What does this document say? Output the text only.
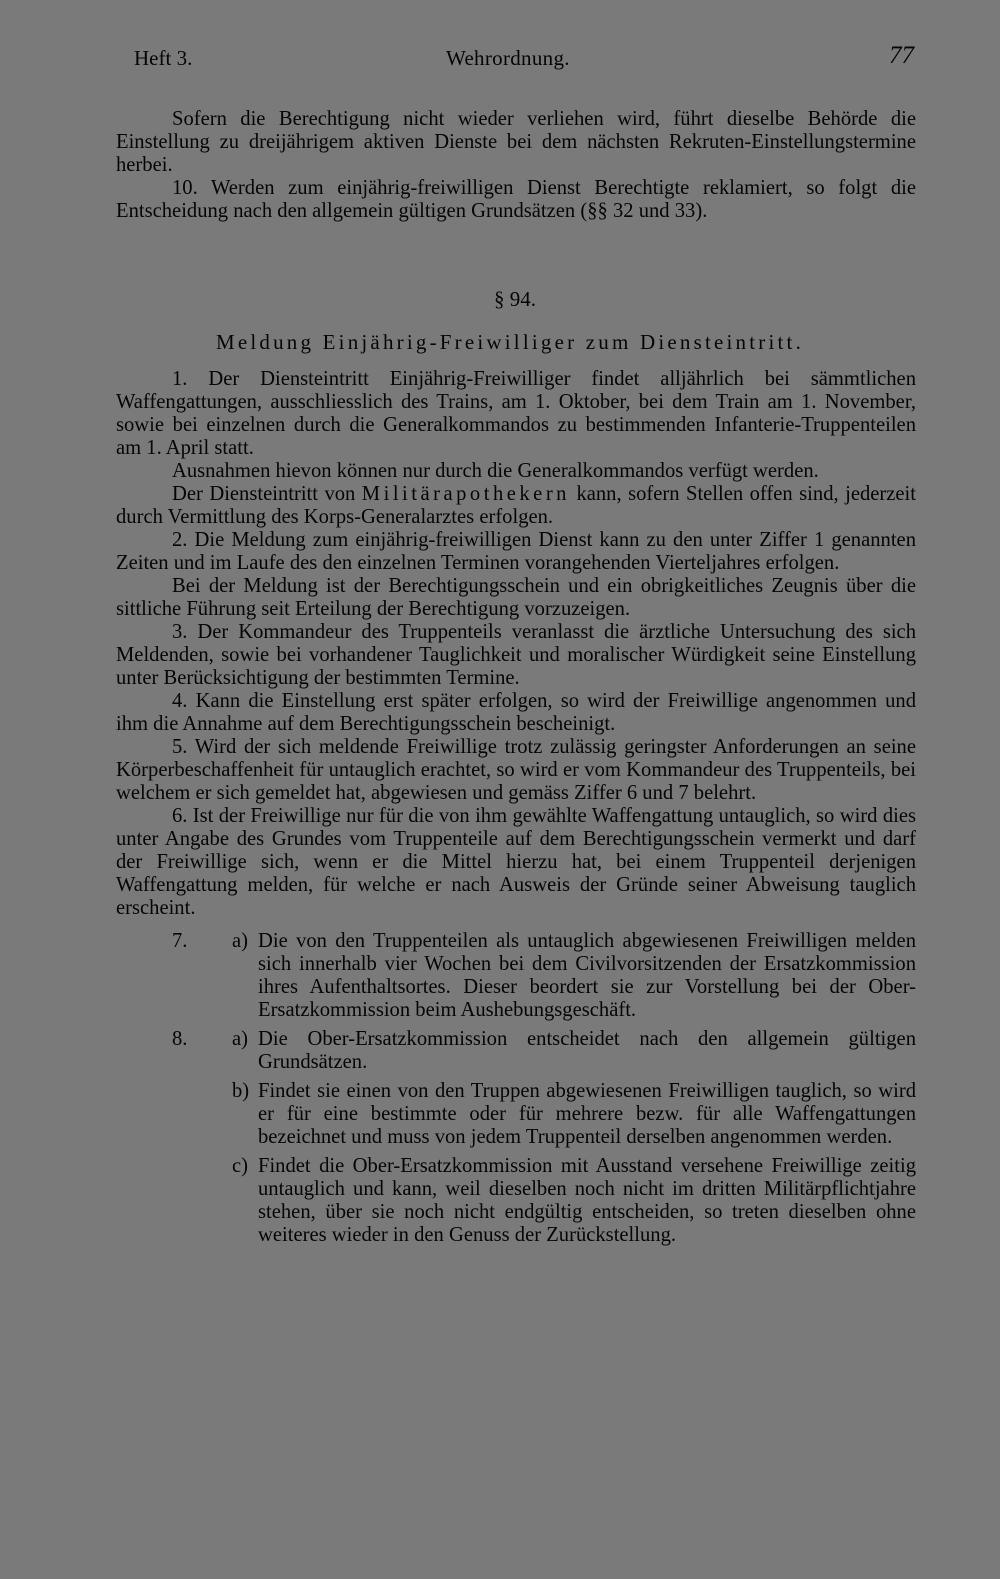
Heft 3.	Wehrordnung.	77

Sofern die Berechtigung nicht wieder verliehen wird, führt dieselbe Behörde die Einstellung zu dreijährigem aktiven Dienste bei dem nächsten Rekruten-Einstellungstermine herbei.

10. Werden zum einjährig-freiwilligen Dienst Berechtigte reklamiert, so folgt die Entscheidung nach den allgemein gültigen Grundsätzen (§§ 32 und 33).

§ 94.
Meldung Einjährig-Freiwilliger zum Diensteintritt.

1. Der Diensteintritt Einjährig-Freiwilliger findet alljährlich bei sämmtlichen Waffengattungen, ausschliesslich des Trains, am 1. Oktober, bei dem Train am 1. November, sowie bei einzelnen durch die Generalkommandos zu bestimmenden Infanterie-Truppenteilen am 1. April statt.

Ausnahmen hievon können nur durch die Generalkommandos verfügt werden.

Der Diensteintritt von Militärapothekern kann, sofern Stellen offen sind, jederzeit durch Vermittlung des Korps-Generalarztes erfolgen.

2. Die Meldung zum einjährig-freiwilligen Dienst kann zu den unter Ziffer 1 genannten Zeiten und im Laufe des den einzelnen Terminen vorangehenden Vierteljahres erfolgen.

Bei der Meldung ist der Berechtigungsschein und ein obrigkeitliches Zeugnis über die sittliche Führung seit Erteilung der Berechtigung vorzuzeigen.

3. Der Kommandeur des Truppenteils veranlasst die ärztliche Untersuchung des sich Meldenden, sowie bei vorhandener Tauglichkeit und moralischer Würdigkeit seine Einstellung unter Berücksichtigung der bestimmten Termine.

4. Kann die Einstellung erst später erfolgen, so wird der Freiwillige angenommen und ihm die Annahme auf dem Berechtigungsschein bescheinigt.

5. Wird der sich meldende Freiwillige trotz zulässig geringster Anforderungen an seine Körperbeschaffenheit für untauglich erachtet, so wird er vom Kommandeur des Truppenteils, bei welchem er sich gemeldet hat, abgewiesen und gemäss Ziffer 6 und 7 belehrt.

6. Ist der Freiwillige nur für die von ihm gewählte Waffengattung untauglich, so wird dies unter Angabe des Grundes vom Truppenteile auf dem Berechtigungsschein vermerkt und darf der Freiwillige sich, wenn er die Mittel hierzu hat, bei einem Truppenteil derjenigen Waffengattung melden, für welche er nach Ausweis der Gründe seiner Abweisung tauglich erscheint.

7.	a) Die von den Truppenteilen als untauglich abgewiesenen Freiwilligen melden sich innerhalb vier Wochen bei dem Civilvorsitzenden der Ersatzkommission ihres Aufenthaltsortes. Dieser beordert sie zur Vorstellung bei der Ober-Ersatzkommission beim Aushebungsgeschäft.
8.	a) Die Ober-Ersatzkommission entscheidet nach den allgemein gültigen Grundsätzen.
b) Findet sie einen von den Truppen abgewiesenen Freiwilligen tauglich, so wird er für eine bestimmte oder für mehrere bezw. für alle Waffengattungen bezeichnet und muss von jedem Truppenteil derselben angenommen werden.
c) Findet die Ober-Ersatzkommission mit Ausstand versehene Freiwillige zeitig untauglich und kann, weil dieselben noch nicht im dritten Militärpflichtjahre stehen, über sie noch nicht endgültig entscheiden, so treten dieselben ohne weiteres wieder in den Genuss der Zurückstellung.
